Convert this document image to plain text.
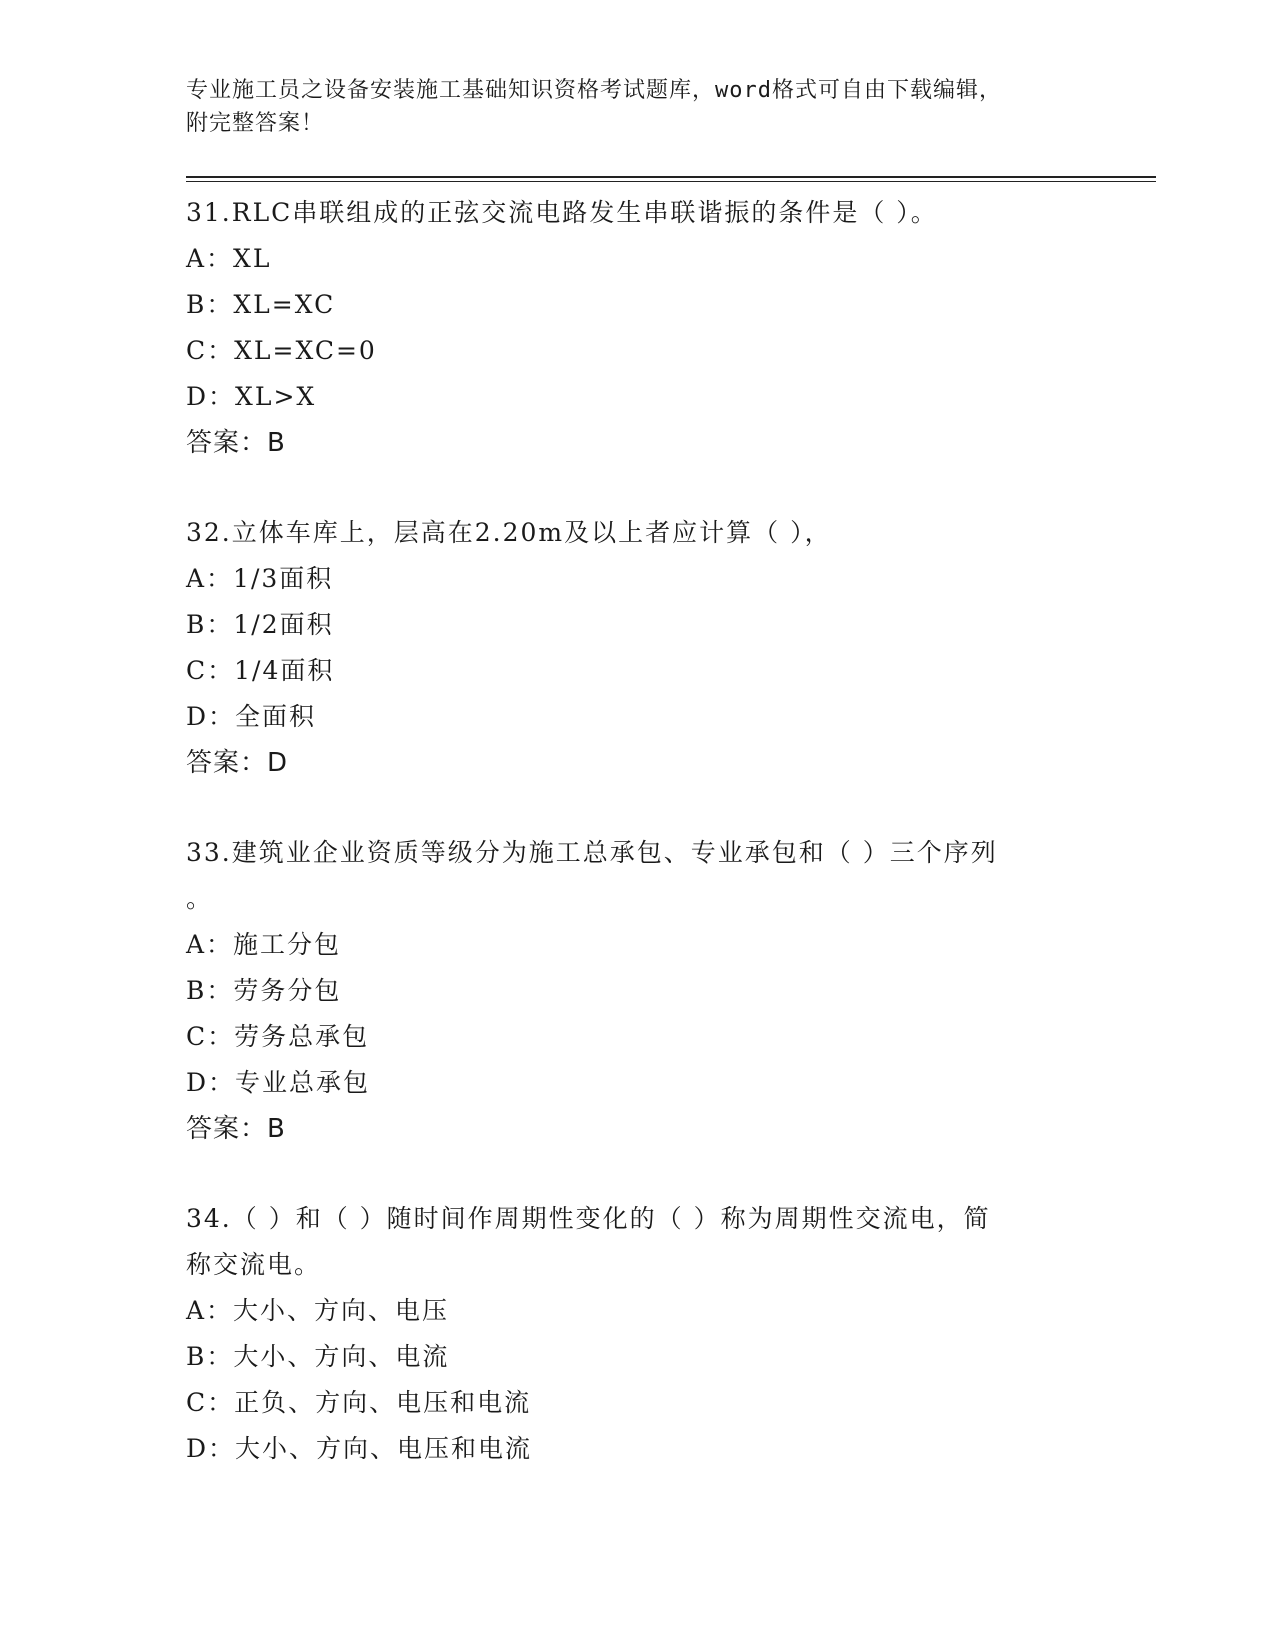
专业施工员之设备安装施工基础知识资格考试题库，word格式可自由下载编辑，

附完整答案！

31.RLC串联组成的正弦交流电路发生串联谐振的条件是（ ）。

A：XL

B：XL=XC

C：XL=XC=0

D：XL>X

答案：B

32.立体车库上，层高在2.20m及以上者应计算（ ），

A：1/3面积

B：1/2面积

C：1/4面积

D：全面积

答案：D

33.建筑业企业资质等级分为施工总承包、专业承包和（ ）三个序列
。

A：施工分包

B：劳务分包

C：劳务总承包

D：专业总承包

答案：B

34.（ ）和（ ）随时间作周期性变化的（ ）称为周期性交流电，简
称交流电。

A：大小、方向、电压

B：大小、方向、电流

C：正负、方向、电压和电流

D：大小、方向、电压和电流
